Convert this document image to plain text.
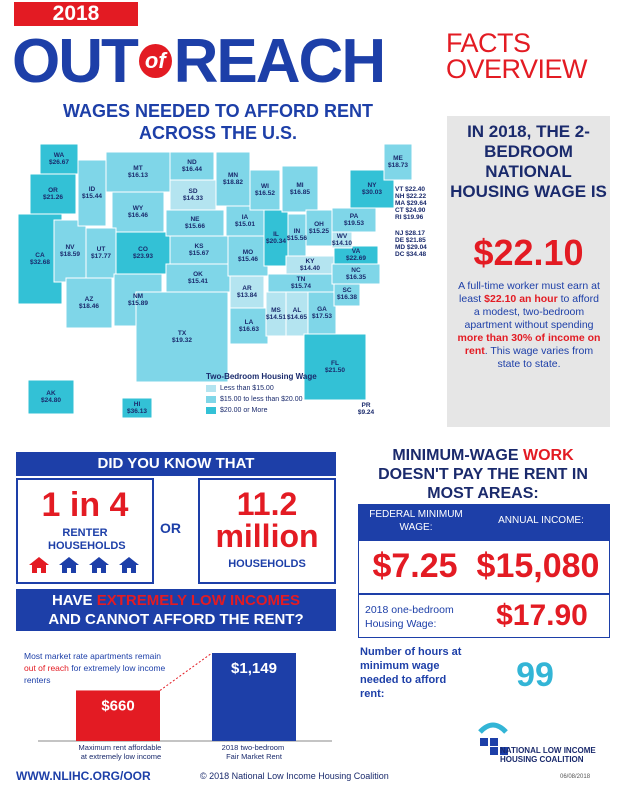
2018
OUT of REACH FACTS
OVERVIEW
WAGES NEEDED TO AFFORD RENT ACROSS THE U.S.
WA
$26.67
OR
$21.26
CA
$32.68
NV
$18.59
ID
$15.44
MT
$16.13
WY
$16.46
UT
$17.77
AZ
$18.46
CO
$23.93
NM
$15.89
ND
$16.44
SD
$14.33
NE
$15.66
KS
$15.67
OK
$15.41
TX
$19.32
MN
$18.82
IA
$15.01
MO
$15.46
AR
$13.84
LA
$16.63
WI
$16.52
IL
$20.34
MI
$16.85
IN
$15.56
OH
$15.25
KY
$14.40
TN
$15.74
MS
$14.51
AL
$14.65
GA
$17.53
FL
$21.50
SC
$16.38
NC
$16.35
VA
$22.69
WV
$14.10
PA
$19.53
NY
$30.03
ME
$18.73
AK
$24.80
HI
$36.13
PR
$9.24
VT $22.40
NH $22.22
MA $29.64
CT $24.90
RI $19.96
NJ $28.17
DE $21.85
MD $29.04
DC $34.48
Two-Bedroom Housing Wage
Less than $15.00
$15.00 to less than $20.00
$20.00 or More
IN 2018, THE 2-BEDROOM NATIONAL HOUSING WAGE IS
$22.10
A full-time worker must earn at least $22.10 an hour to afford a modest, two-bedroom apartment without spending more than 30% of income on rent. This wage varies from state to state.
DID YOU KNOW THAT
1 in 4
RENTER HOUSEHOLDS
OR
11.2
million
HOUSEHOLDS
HAVE EXTREMELY LOW INCOMES
AND CANNOT AFFORD THE RENT?
Most market rate apartments remain out of reach for extremely low income renters
$660
$1,149
Maximum rent affordable at extremely low income
2018 two-bedroom Fair Market Rent
MINIMUM-WAGE WORK DOESN'T PAY THE RENT IN MOST AREAS:
FEDERAL MINIMUM WAGE:
ANNUAL INCOME:
$7.25 $15,080
2018 one-bedroom Housing Wage:	$17.90
Number of hours at minimum wage needed to afford rent:	99
NATIONAL LOW INCOME
HOUSING COALITION
WWW.NLIHC.ORG/OOR	© 2018 National Low Income Housing Coalition	06/08/2018
